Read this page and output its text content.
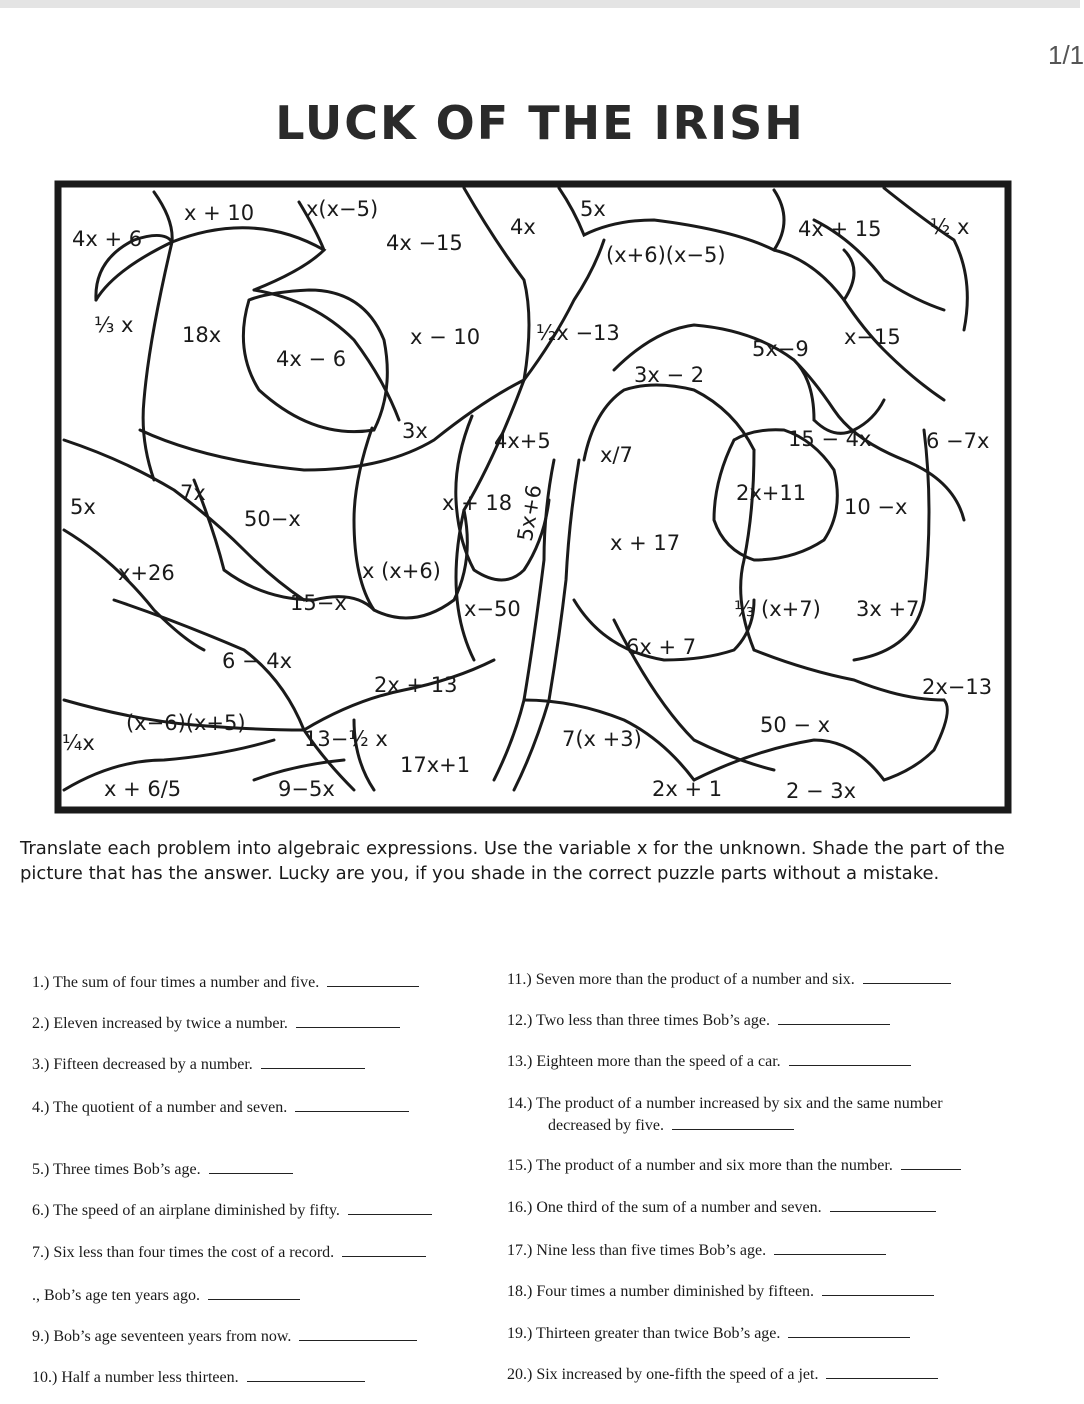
1/1
LUCK OF THE IRISH
4x + 6
x + 10 x(x−5)
4x −15
4x
5x
(x+6)(x−5)
4x + 15 ½ x
⅓ x 18x
4x − 6
x − 10	½x −13
3x − 2
5x−9 x−15
3x	4x+5
x/7
15 − 4x	6 −7x
5x
7x
50−x
x + 18 5x+6	2x+11
10 −x
x + 17
x+26	x (x+6)
15−x	x−50	⅓ (x+7) 3x +7
6 − 4x
6x + 7
2x + 13	2x−13
¼x
(x−6)(x+5)
13−½ x	7(x +3)
50 − x
17x+1
x + 6/5	9−5x	2x + 1	2 − 3x
Translate each problem into algebraic expressions. Use the variable x for the unknown. Shade the part of the picture that has the answer. Lucky are you, if you shade in the correct puzzle parts without a mistake.
1.) The sum of four times a number and five.
2.) Eleven increased by twice a number.
3.) Fifteen decreased by a number.
4.) The quotient of a number and seven.
5.) Three times Bob’s age.
6.) The speed of an airplane diminished by fifty.
7.) Six less than four times the cost of a record.
., Bob’s age ten years ago.
9.) Bob’s age seventeen years from now.
10.) Half a number less thirteen.
11.) Seven more than the product of a number and six.
12.) Two less than three times Bob’s age.
13.) Eighteen more than the speed of a car.
14.) The product of a number increased by six and the same number
decreased by five.
15.) The product of a number and six more than the number.
16.) One third of the sum of a number and seven.
17.) Nine less than five times Bob’s age.
18.) Four times a number diminished by fifteen.
19.) Thirteen greater than twice Bob’s age.
20.) Six increased by one-fifth the speed of a jet.
